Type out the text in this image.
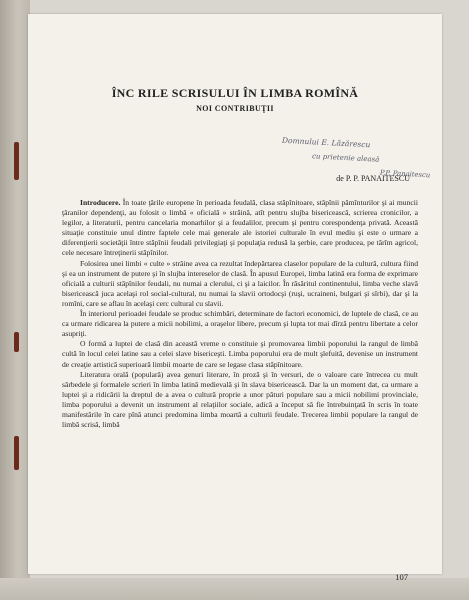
ÎNC RILE SCRISULUI ÎN LIMBA ROMÎNĂ
NOI CONTRIBUŢII
Domnului E. Lăzărescu
cu prietenie aleasă
P.P. Panaitescu
de P. P. PANAITESCU

Introducere. În toate ţările europene în perioada feudală, clasa stăpînitoare, stăpînii pămînturilor şi ai muncii ţăranilor dependenţi, au folosit o limbă « oficială » străină, atît pentru slujba bisericească, scrierea cronicilor, a legilor, a literaturii, pentru cancelaria monarhilor şi a feudalilor, precum şi pentru corespondenţa privată. Această situaţie constituie unul dintre faptele cele mai generale ale istoriei culturale în evul mediu şi este o urmare a diferenţierii societăţii între stăpînii feudali privilegiaţi şi populaţia redusă la şerbie, care producea, pe tărîm agricol, cele necesare întreţinerii stăpînilor.

Folosirea unei limbi « culte » străine avea ca rezultat îndepărtarea claselor populare de la cultură, cultura fiind şi ea un instrument de putere şi în slujba intereselor de clasă. În apusul Europei, limba latină era forma de exprimare oficială a culturii stăpînilor feudali, nu numai a clerului, ci şi a laicilor. În răsăritul continentului, limba veche slavă bisericească juca acelaşi rol social-cultural, nu numai la slavii ortodocşi (ruşi, ucraineni, bulgari şi sîrbi), dar şi la romîni, care se aflau în acelaşi cerc cultural cu slavii.

În interiorul perioadei feudale se produc schimbări, determinate de factori economici, de luptele de clasă, ce au ca urmare ridicarea la putere a micii nobilimi, a oraşelor libere, precum şi lupta tot mai dîrză pentru libertate a celor asupriţi.

O formă a luptei de clasă din această vreme o constituie şi promovarea limbii poporului la rangul de limbă cultă în locul celei latine sau a celei slave bisericeşti. Limba poporului era de mult şlefuită, devenise un instrument de creaţie artistică superioară limbii moarte de care se legase clasa stăpînitoare.

Literatura orală (populară) avea genuri literare, în proză şi în versuri, de o valoare care întrecea cu mult sărbedele şi formalele scrieri în limba latină medievală şi în slava bisericească. Dar la un moment dat, ca urmare a luptei şi a ridicării la dreptul de a avea o cultură proprie a unor pături populare sau a micii nobilimi provinciale, limba poporului a devenit un instrument al relaţiilor sociale, adică a început să fie întrebuinţată în scris în toate manifestările în care pînă atunci predomina limba moartă a culturii feudale. Trecerea limbii populare la rangul de limbă scrisă, limbă

107
